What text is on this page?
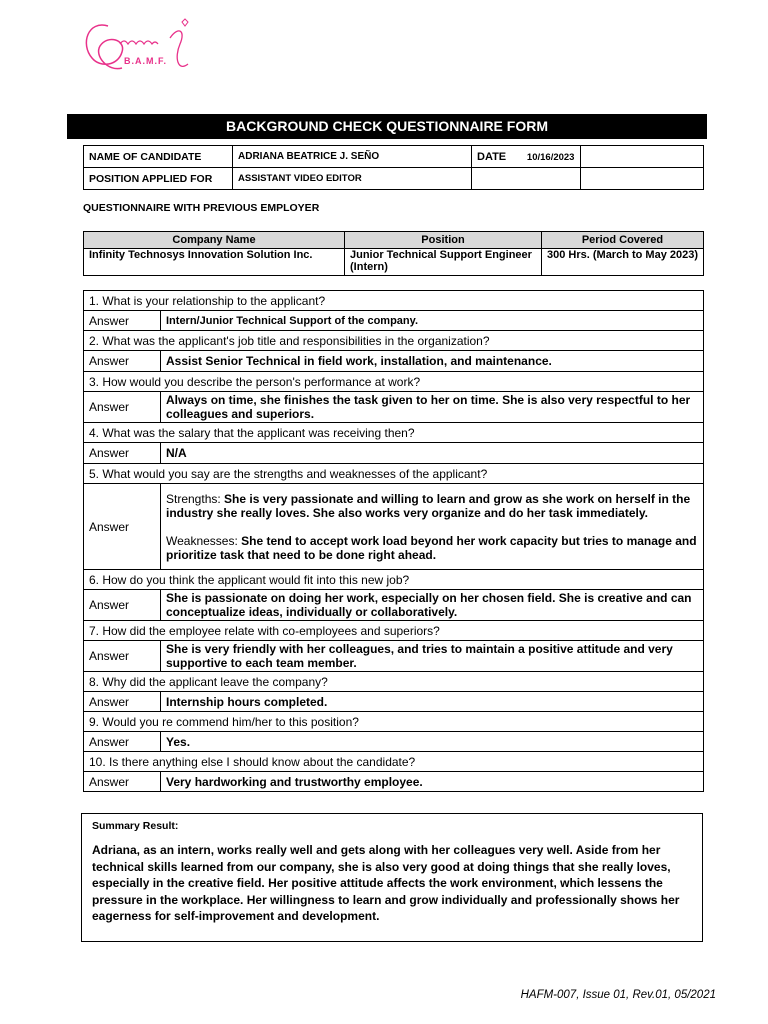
B.A.M.F.
BACKGROUND CHECK QUESTIONNAIRE FORM
NAME OF CANDIDATE	ADRIANA BEATRICE J. SEÑO	DATE 10/16/2023	
POSITION APPLIED FOR	ASSISTANT VIDEO EDITOR		
QUESTIONNAIRE WITH PREVIOUS EMPLOYER
Company Name	Position	Period Covered
Infinity Technosys Innovation Solution Inc.	Junior Technical Support Engineer (Intern)	300 Hrs. (March to May 2023)
1. What is your relationship to the applicant?	
Answer	Intern/Junior Technical Support of the company.
2. What was the applicant's job title and responsibilities in the organization?	
Answer	Assist Senior Technical in field work, installation, and maintenance.
3. How would you describe the person's performance at work?	
Answer	Always on time, she finishes the task given to her on time. She is also very respectful to her colleagues and superiors.
4. What was the salary that the applicant was receiving then?	
Answer	N/A
5. What would you say are the strengths and weaknesses of the applicant?	
Answer	Strengths: She is very passionate and willing to learn and grow as she work on herself in the industry she really loves. She also works very organize and do her task immediately.
Weaknesses: She tend to accept work load beyond her work capacity but tries to manage and prioritize task that need to be done right ahead.
6. How do you think the applicant would fit into this new job?	
Answer	She is passionate on doing her work, especially on her chosen field. She is creative and can conceptualize ideas, individually or collaboratively.
7. How did the employee relate with co-employees and superiors?	
Answer	She is very friendly with her colleagues, and tries to maintain a positive attitude and very supportive to each team member.
8. Why did the applicant leave the company?	
Answer	Internship hours completed.
9. Would you re commend him/her to this position?	
Answer	Yes.
10. Is there anything else I should know about the candidate?	
Answer	Very hardworking and trustworthy employee.
Summary Result:
Adriana, as an intern, works really well and gets along with her colleagues very well. Aside from her technical skills learned from our company, she is also very good at doing things that she really loves, especially in the creative field. Her positive attitude affects the work environment, which lessens the pressure in the workplace. Her willingness to learn and grow individually and professionally shows her eagerness for self-improvement and development.
HAFM-007, Issue 01, Rev.01, 05/2021
